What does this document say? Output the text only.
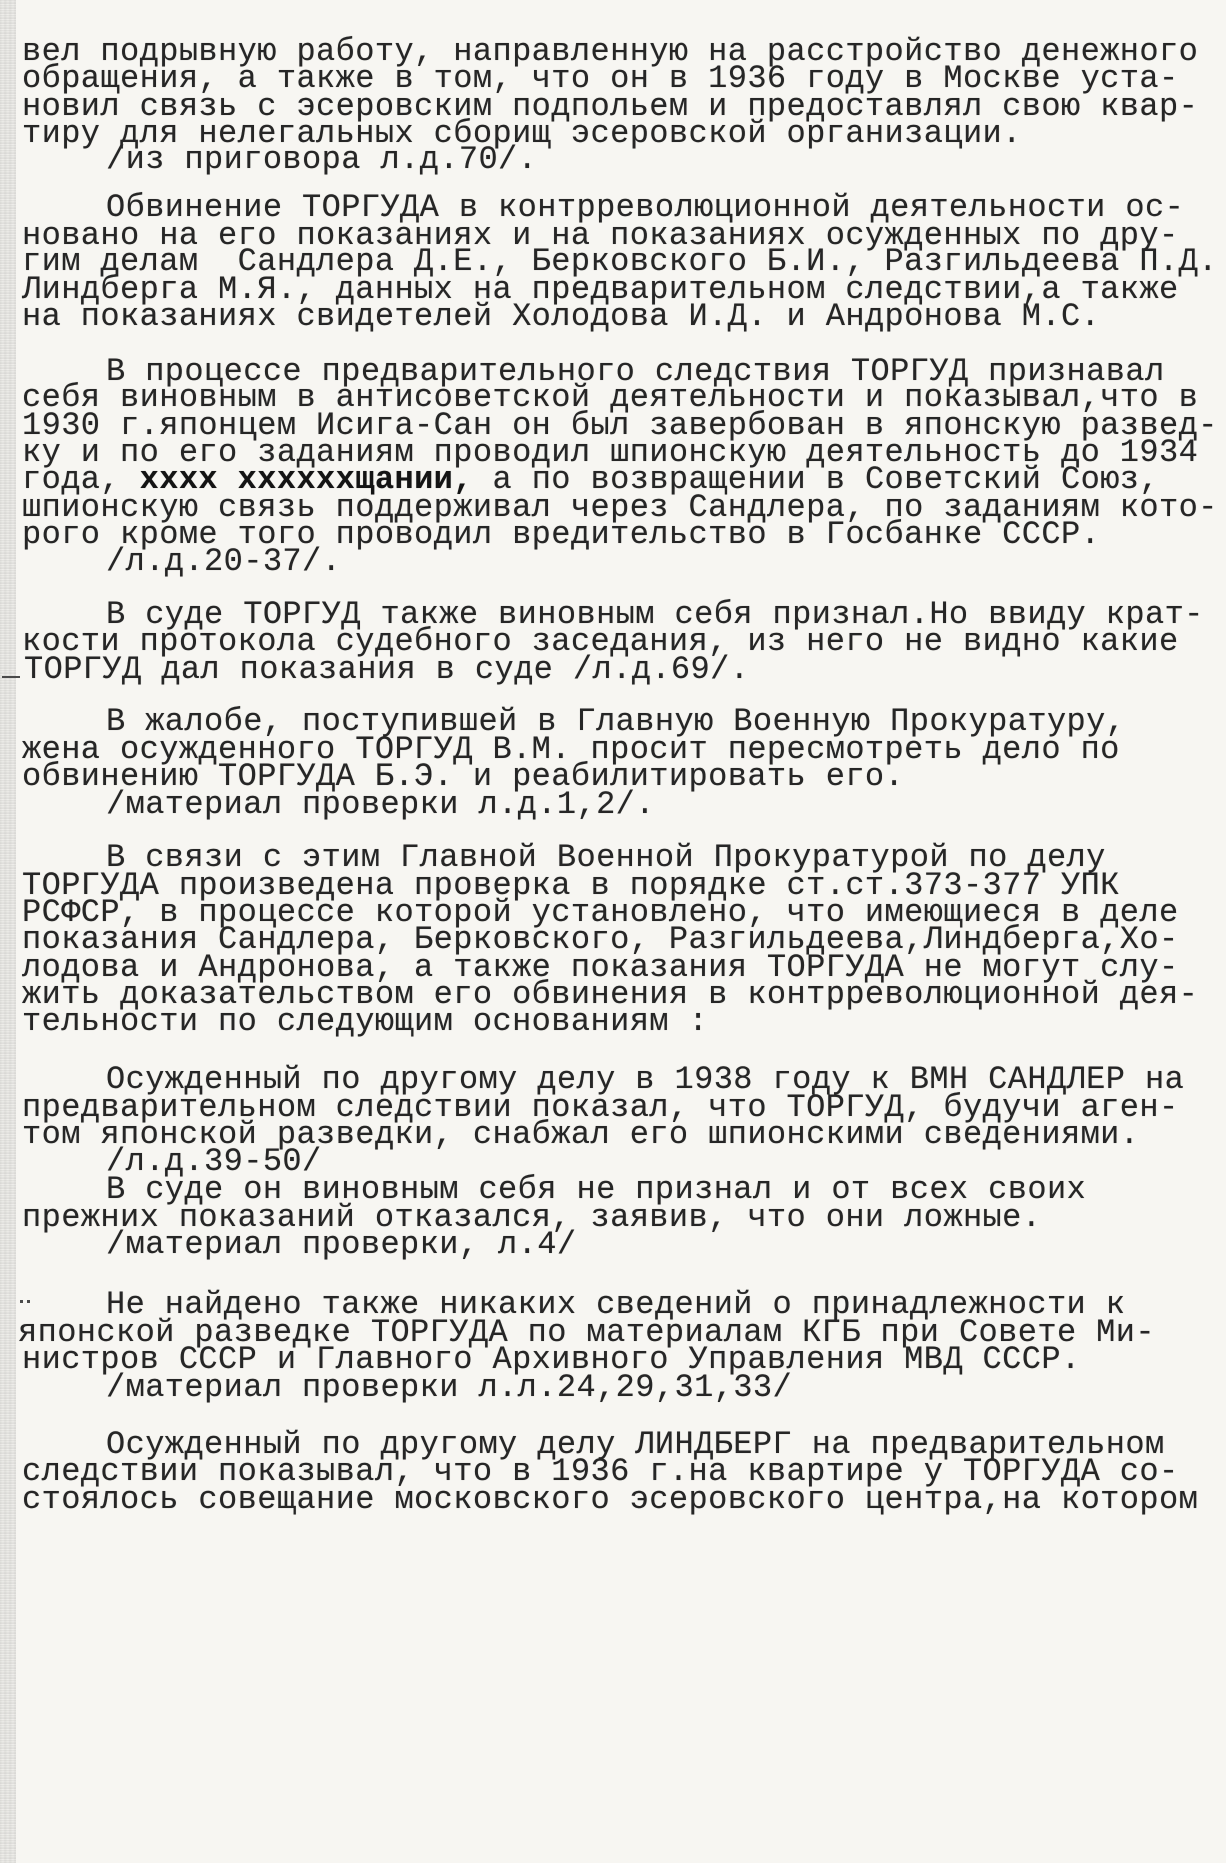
вел подрывную работу, направленную на расстройство денежного
обращения, а также в том, что он в 1936 году в Москве уста-
новил связь с эсеровским подпольем и предоставлял свою квар-
тиру для нелегальных сборищ эсеровской организации.
/из приговора л.д.70/.
Обвинение ТОРГУДА в контрреволюционной деятельности ос-
новано на его показаниях и на показаниях осужденных по дру-
гим делам  Сандлера Д.Е., Берковского Б.И., Разгильдеева П.Д.
Линдберга М.Я., данных на предварительном следствии,а также
на показаниях свидетелей Холодова И.Д. и Андронова М.С.
В процессе предварительного следствия ТОРГУД признавал
себя виновным в антисоветской деятельности и показывал,что в
1930 г.японцем Исига-Сан он был завербован в японскую развед-
ку и по его заданиям проводил шпионскую деятельность до 1934
года, хххх ххххххщании, а по возвращении в Советский Союз,
шпионскую связь поддерживал через Сандлера, по заданиям кото-
рого кроме того проводил вредительство в Госбанке СССР.
/л.д.20-37/.
В суде ТОРГУД также виновным себя признал.Но ввиду крат-
кости протокола судебного заседания, из него не видно какие
ТОРГУД дал показания в суде /л.д.69/.
В жалобе, поступившей в Главную Военную Прокуратуру,
жена осужденного ТОРГУД В.М. просит пересмотреть дело по
обвинению ТОРГУДА Б.Э. и реабилитировать его.
/материал проверки л.д.1,2/.
В связи с этим Главной Военной Прокуратурой по делу
ТОРГУДА произведена проверка в порядке ст.ст.373-377 УПК
РСФСР, в процессе которой установлено, что имеющиеся в деле
показания Сандлера, Берковского, Разгильдеева,Линдберга,Хо-
лодова и Андронова, а также показания ТОРГУДА не могут слу-
жить доказательством его обвинения в контрреволюционной дея-
тельности по следующим основаниям :
Осужденный по другому делу в 1938 году к ВМН САНДЛЕР на
предварительном следствии показал, что ТОРГУД, будучи аген-
том японской разведки, снабжал его шпионскими сведениями.
/л.д.39-50/
В суде он виновным себя не признал и от всех своих
прежних показаний отказался, заявив, что они ложные.
/материал проверки, л.4/
Не найдено также никаких сведений о принадлежности к
японской разведке ТОРГУДА по материалам КГБ при Совете Ми-
нистров СССР и Главного Архивного Управления МВД СССР.
/материал проверки л.л.24,29,31,33/
Осужденный по другому делу ЛИНДБЕРГ на предварительном
следствии показывал, что в 1936 г.на квартире у ТОРГУДА со-
стоялось совещание московского эсеровского центра,на котором
